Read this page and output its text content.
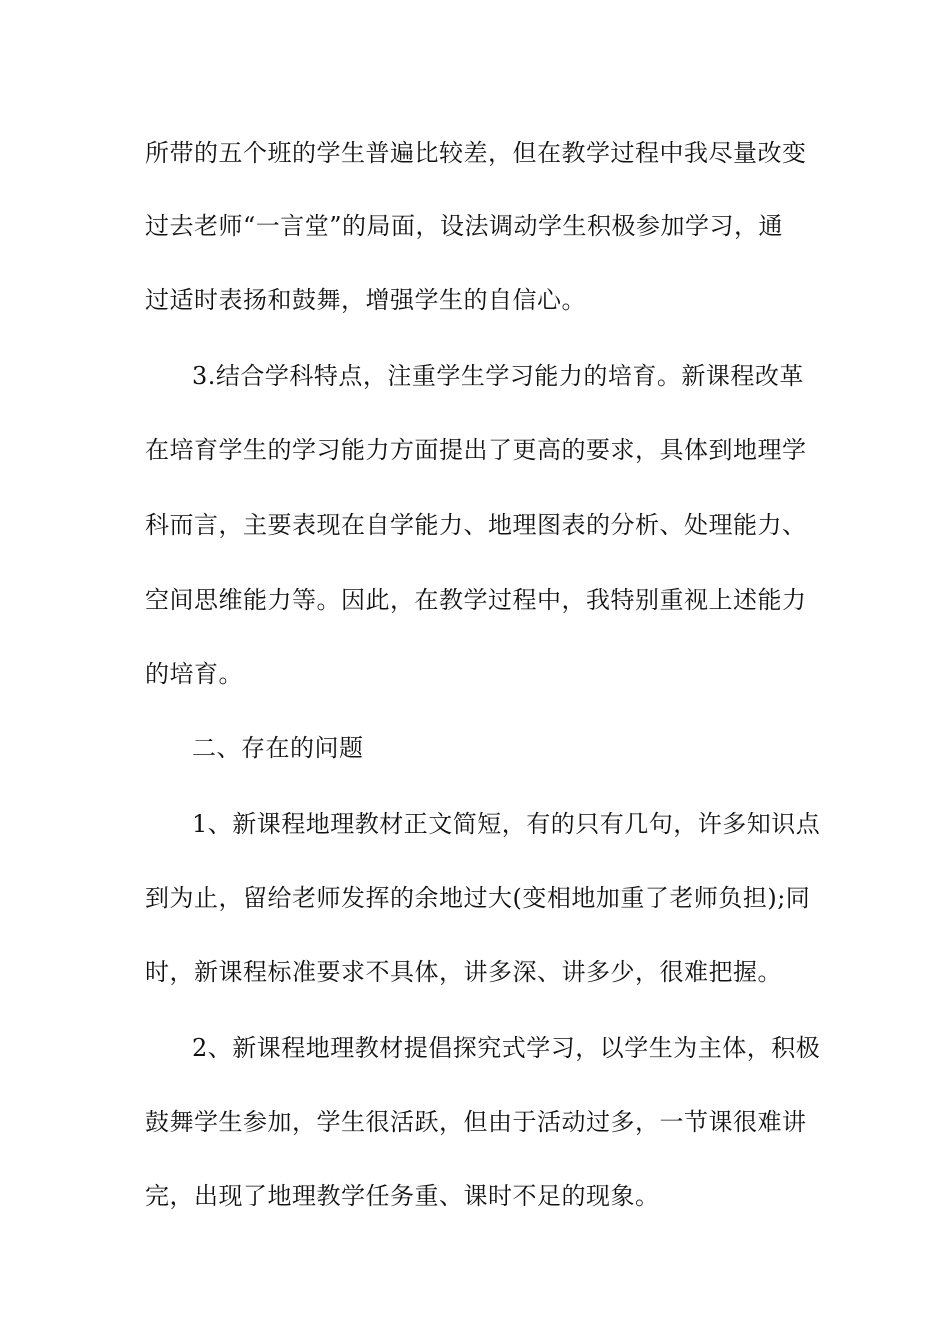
所带的五个班的学生普遍比较差，但在教学过程中我尽量改变
过去老师“一言堂”的局面，设法调动学生积极参加学习，通
过适时表扬和鼓舞，增强学生的自信心。
3.结合学科特点，注重学生学习能力的培育。新课程改革
在培育学生的学习能力方面提出了更高的要求，具体到地理学
科而言，主要表现在自学能力、地理图表的分析、处理能力、
空间思维能力等。因此，在教学过程中，我特别重视上述能力
的培育。
二、存在的问题
1、新课程地理教材正文简短，有的只有几句，许多知识点
到为止，留给老师发挥的余地过大(变相地加重了老师负担);同
时，新课程标准要求不具体，讲多深、讲多少，很难把握。
2、新课程地理教材提倡探究式学习，以学生为主体，积极
鼓舞学生参加，学生很活跃，但由于活动过多，一节课很难讲
完，出现了地理教学任务重、课时不足的现象。
